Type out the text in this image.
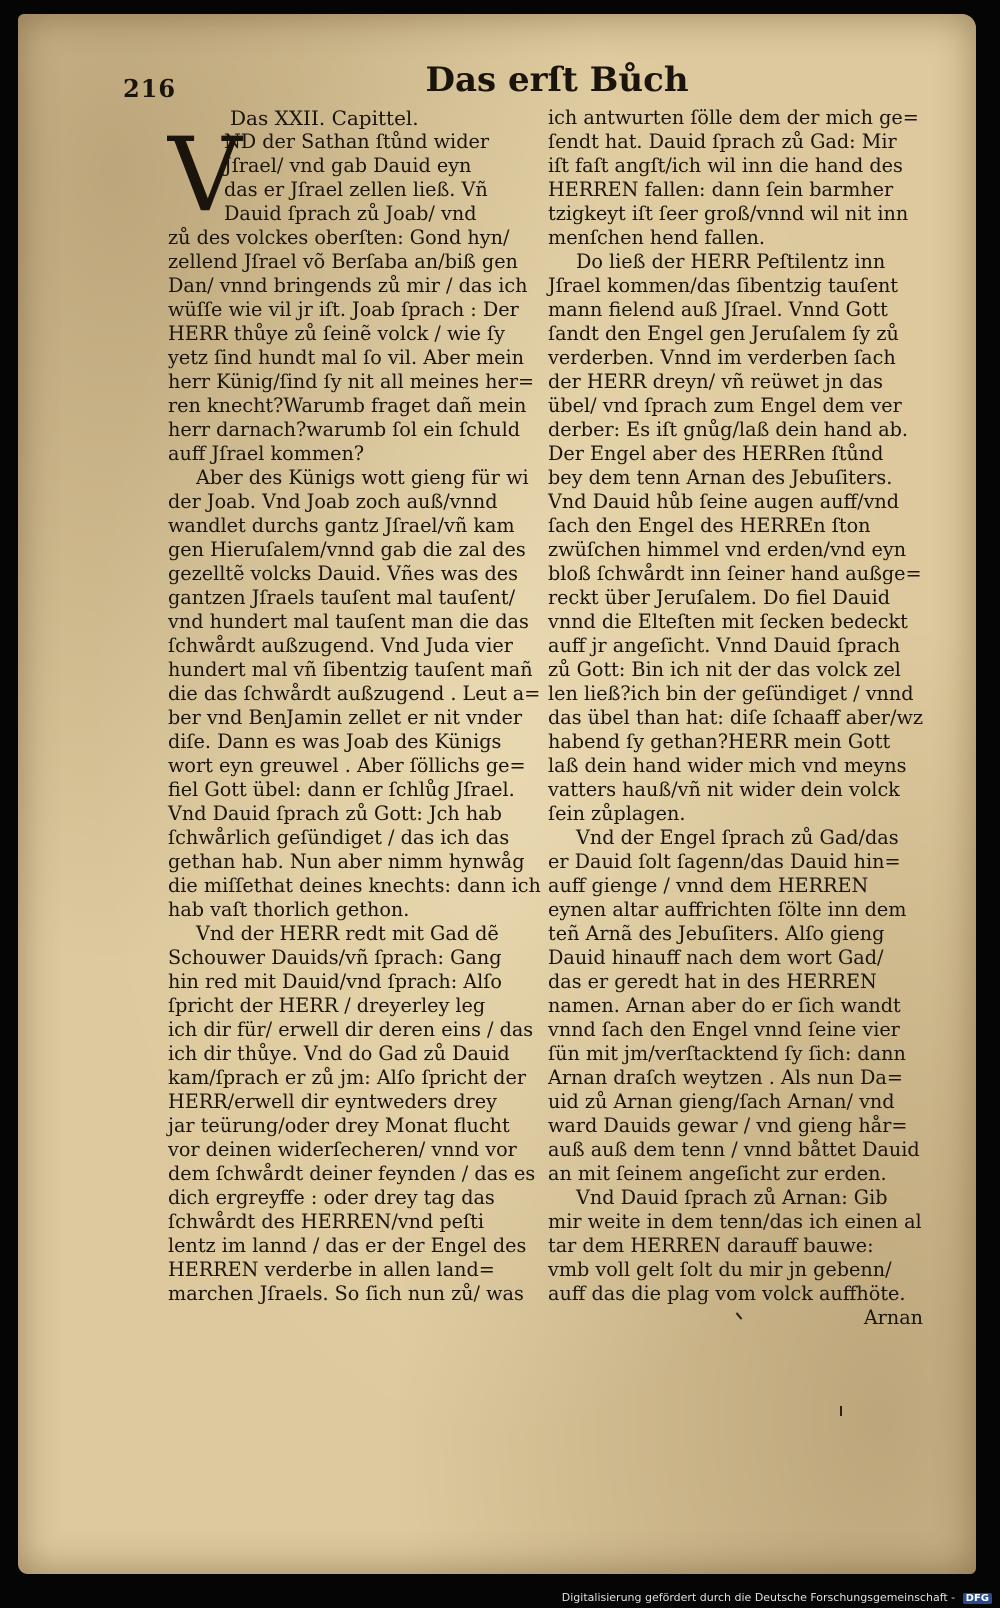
216	Das erſt Bůch
Das XXII. Capittel.
V
ND der Sathan ſtůnd wider
Jſrael/ vnd gab Dauid eyn
das er Jſrael zellen ließ. Vñ
Dauid ſprach zů Joab/ vnd
zů des volckes oberſten: Gond hyn/
zellend Jſrael võ Berſaba an/biß gen
Dan/ vnnd bringends zů mir / das ich
wüſſe wie vil jr iſt. Joab ſprach : Der
HERR thůye zů ſeinẽ volck / wie ſy
yetz ſind hundt mal ſo vil. Aber mein
herr Künig/ſind ſy nit all meines her=
ren knecht?Warumb fraget dañ mein
herr darnach?warumb ſol ein ſchuld
auff Jſrael kommen?
Aber des Künigs wott gieng für wi
der Joab. Vnd Joab zoch auß/vnnd
wandlet durchs gantz Jſrael/vñ kam
gen Hieruſalem/vnnd gab die zal des
gezelltẽ volcks Dauid. Vñes was des
gantzen Jſraels tauſent mal tauſent/
vnd hundert mal tauſent man die das
ſchwårdt außzugend. Vnd Juda vier
hundert mal vñ ſibentzig tauſent mañ
die das ſchwårdt außzugend . Leut a=
ber vnd BenJamin zellet er nit vnder
diſe. Dann es was Joab des Künigs
wort eyn greuwel . Aber ſöllichs ge=
fiel Gott übel: dann er ſchlůg Jſrael.
Vnd Dauid ſprach zů Gott: Jch hab
ſchwårlich geſündiget / das ich das
gethan hab. Nun aber nimm hynwåg
die miſſethat deines knechts: dann ich
hab vaſt thorlich gethon.
Vnd der HERR redt mit Gad dẽ
Schouwer Dauids/vñ ſprach: Gang
hin red mit Dauid/vnd ſprach: Alſo
ſpricht der HERR / dreyerley leg
ich dir für/ erwell dir deren eins / das
ich dir thůye. Vnd do Gad zů Dauid
kam/ſprach er zů jm: Alſo ſpricht der
HERR/erwell dir eyntweders drey
jar teürung/oder drey Monat flucht
vor deinen widerſecheren/ vnnd vor
dem ſchwårdt deiner feynden / das es
dich ergreyffe : oder drey tag das
ſchwårdt des HERREN/vnd peſti
lentz im lannd / das er der Engel des
HERREN verderbe in allen land=
marchen Jſraels. So ſich nun zů/ was
ich antwurten ſölle dem der mich ge=
ſendt hat. Dauid ſprach zů Gad: Mir
iſt faſt angſt/ich wil inn die hand des
HERREN fallen: dann ſein barmher
tzigkeyt iſt ſeer groß/vnnd wil nit inn
menſchen hend fallen.
Do ließ der HERR Peſtilentz inn
Jſrael kommen/das ſibentzig tauſent
mann fielend auß Jſrael. Vnnd Gott
ſandt den Engel gen Jeruſalem ſy zů
verderben. Vnnd im verderben ſach
der HERR dreyn/ vñ reüwet jn das
übel/ vnd ſprach zum Engel dem ver
derber: Es iſt gnůg/laß dein hand ab.
Der Engel aber des HERRen ſtůnd
bey dem tenn Arnan des Jebuſiters.
Vnd Dauid hůb ſeine augen auff/vnd
ſach den Engel des HERREn ſton
zwüſchen himmel vnd erden/vnd eyn
bloß ſchwårdt inn ſeiner hand außge=
reckt über Jeruſalem. Do fiel Dauid
vnnd die Elteſten mit ſecken bedeckt
auff jr angeſicht. Vnnd Dauid ſprach
zů Gott: Bin ich nit der das volck zel
len ließ?ich bin der geſündiget / vnnd
das übel than hat: diſe ſchaaff aber/wz
habend ſy gethan?HERR mein Gott
laß dein hand wider mich vnd meyns
vatters hauß/vñ nit wider dein volck
ſein zůplagen.
Vnd der Engel ſprach zů Gad/das
er Dauid ſolt ſagenn/das Dauid hin=
auff gienge / vnnd dem HERREN
eynen altar auffrichten ſölte inn dem
teñ Arnã des Jebuſiters. Alſo gieng
Dauid hinauff nach dem wort Gad/
das er geredt hat in des HERREN
namen. Arnan aber do er ſich wandt
vnnd ſach den Engel vnnd ſeine vier
ſün mit jm/verſtacktend ſy ſich: dann
Arnan draſch weytzen . Als nun Da=
uid zů Arnan gieng/ſach Arnan/ vnd
ward Dauids gewar / vnd gieng hår=
auß auß dem tenn / vnnd båttet Dauid
an mit ſeinem angeſicht zur erden.
Vnd Dauid ſprach zů Arnan: Gib
mir weite in dem tenn/das ich einen al
tar dem HERREN darauff bauwe:
vmb voll gelt ſolt du mir jn gebenn/
auff das die plag vom volck auffhöte.
Arnan
Digitalisierung gefördert durch die Deutsche Forschungsgemeinschaft - DFG
